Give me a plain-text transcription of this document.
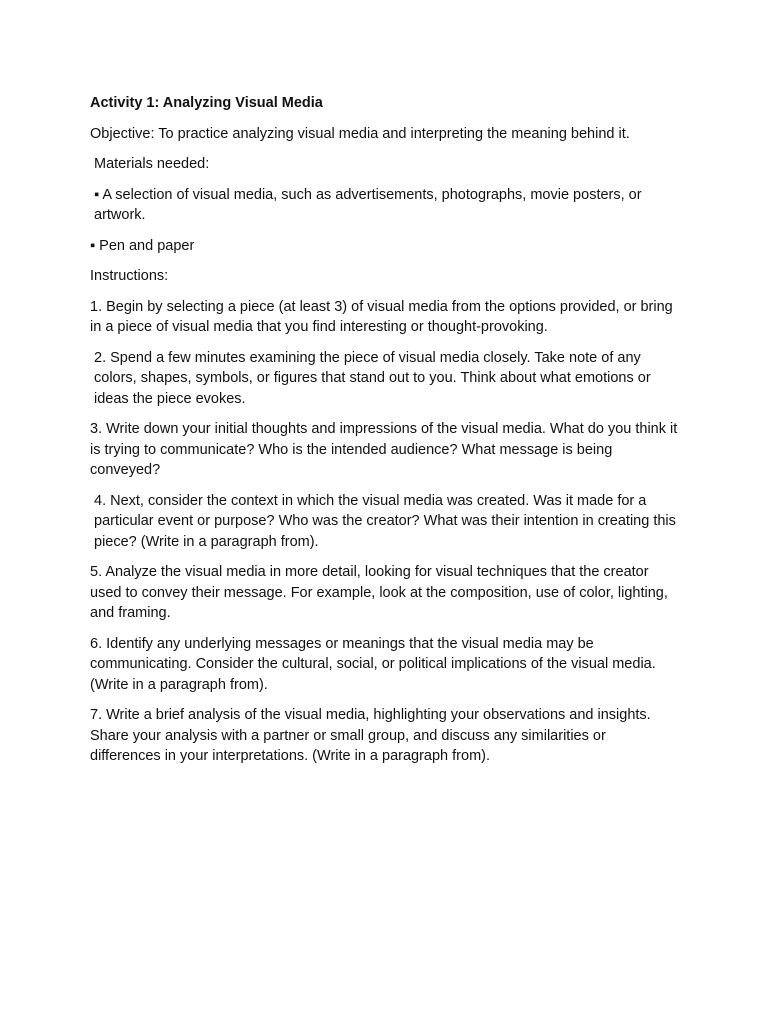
Activity 1: Analyzing Visual Media

Objective: To practice analyzing visual media and interpreting the meaning behind it.

Materials needed:

▪ A selection of visual media, such as advertisements, photographs, movie posters, or artwork.

▪ Pen and paper

Instructions:

1. Begin by selecting a piece (at least 3) of visual media from the options provided, or bring in a piece of visual media that you find interesting or thought-provoking.

2. Spend a few minutes examining the piece of visual media closely. Take note of any colors, shapes, symbols, or figures that stand out to you. Think about what emotions or ideas the piece evokes.

3. Write down your initial thoughts and impressions of the visual media. What do you think it is trying to communicate? Who is the intended audience? What message is being conveyed?

4. Next, consider the context in which the visual media was created. Was it made for a particular event or purpose? Who was the creator? What was their intention in creating this piece? (Write in a paragraph from).

5. Analyze the visual media in more detail, looking for visual techniques that the creator used to convey their message. For example, look at the composition, use of color, lighting, and framing.

6. Identify any underlying messages or meanings that the visual media may be communicating. Consider the cultural, social, or political implications of the visual media. (Write in a paragraph from).

7. Write a brief analysis of the visual media, highlighting your observations and insights. Share your analysis with a partner or small group, and discuss any similarities or differences in your interpretations. (Write in a paragraph from).
